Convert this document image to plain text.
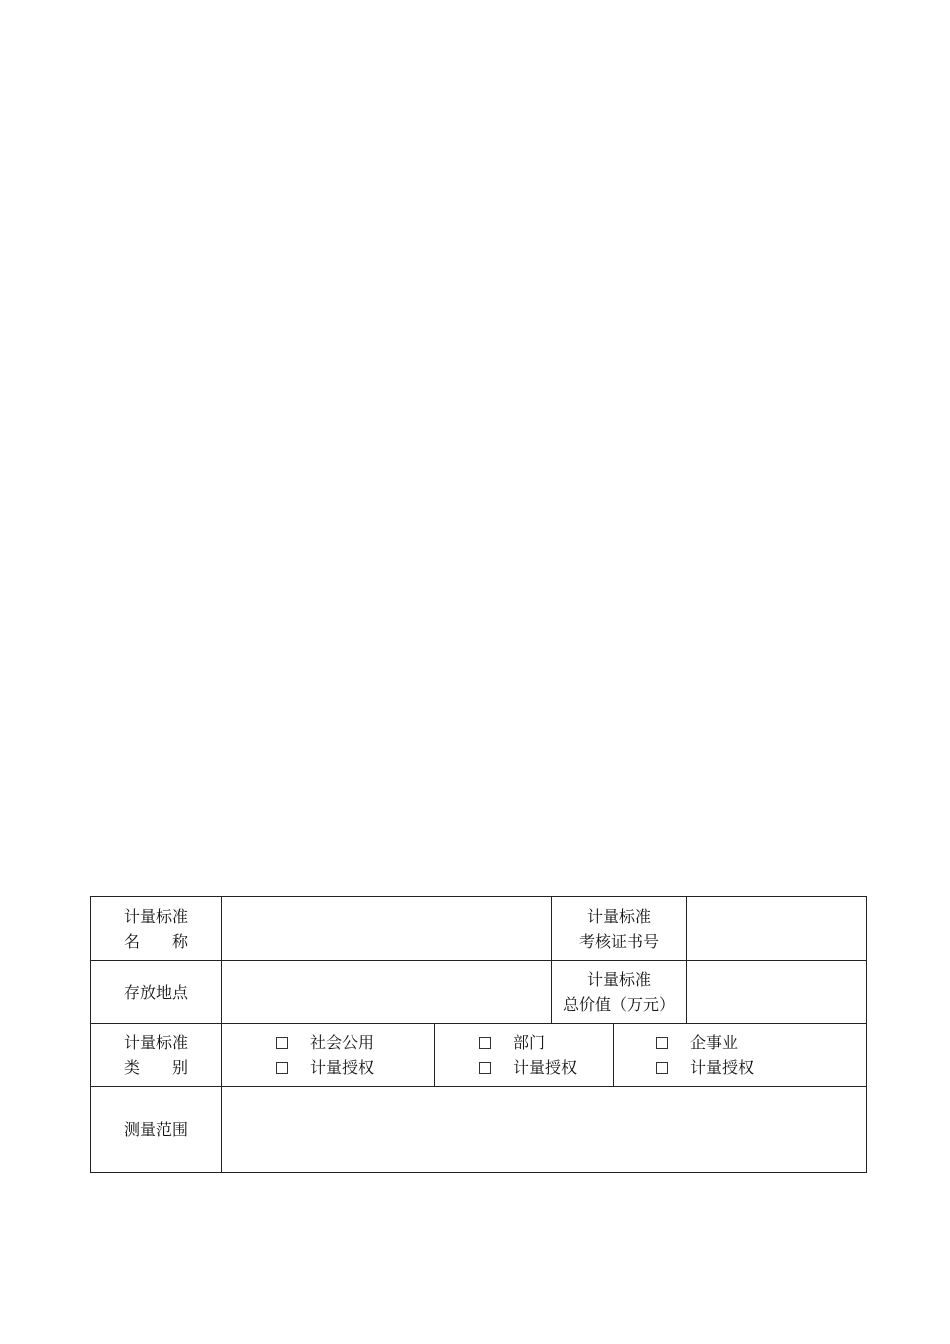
计量标准
名 称
计量标准
考核证书号
存放地点
计量标准
总价值（万元）
计量标准
类 别
社会公用
计量授权
部门
计量授权
企事业
计量授权
测量范围
